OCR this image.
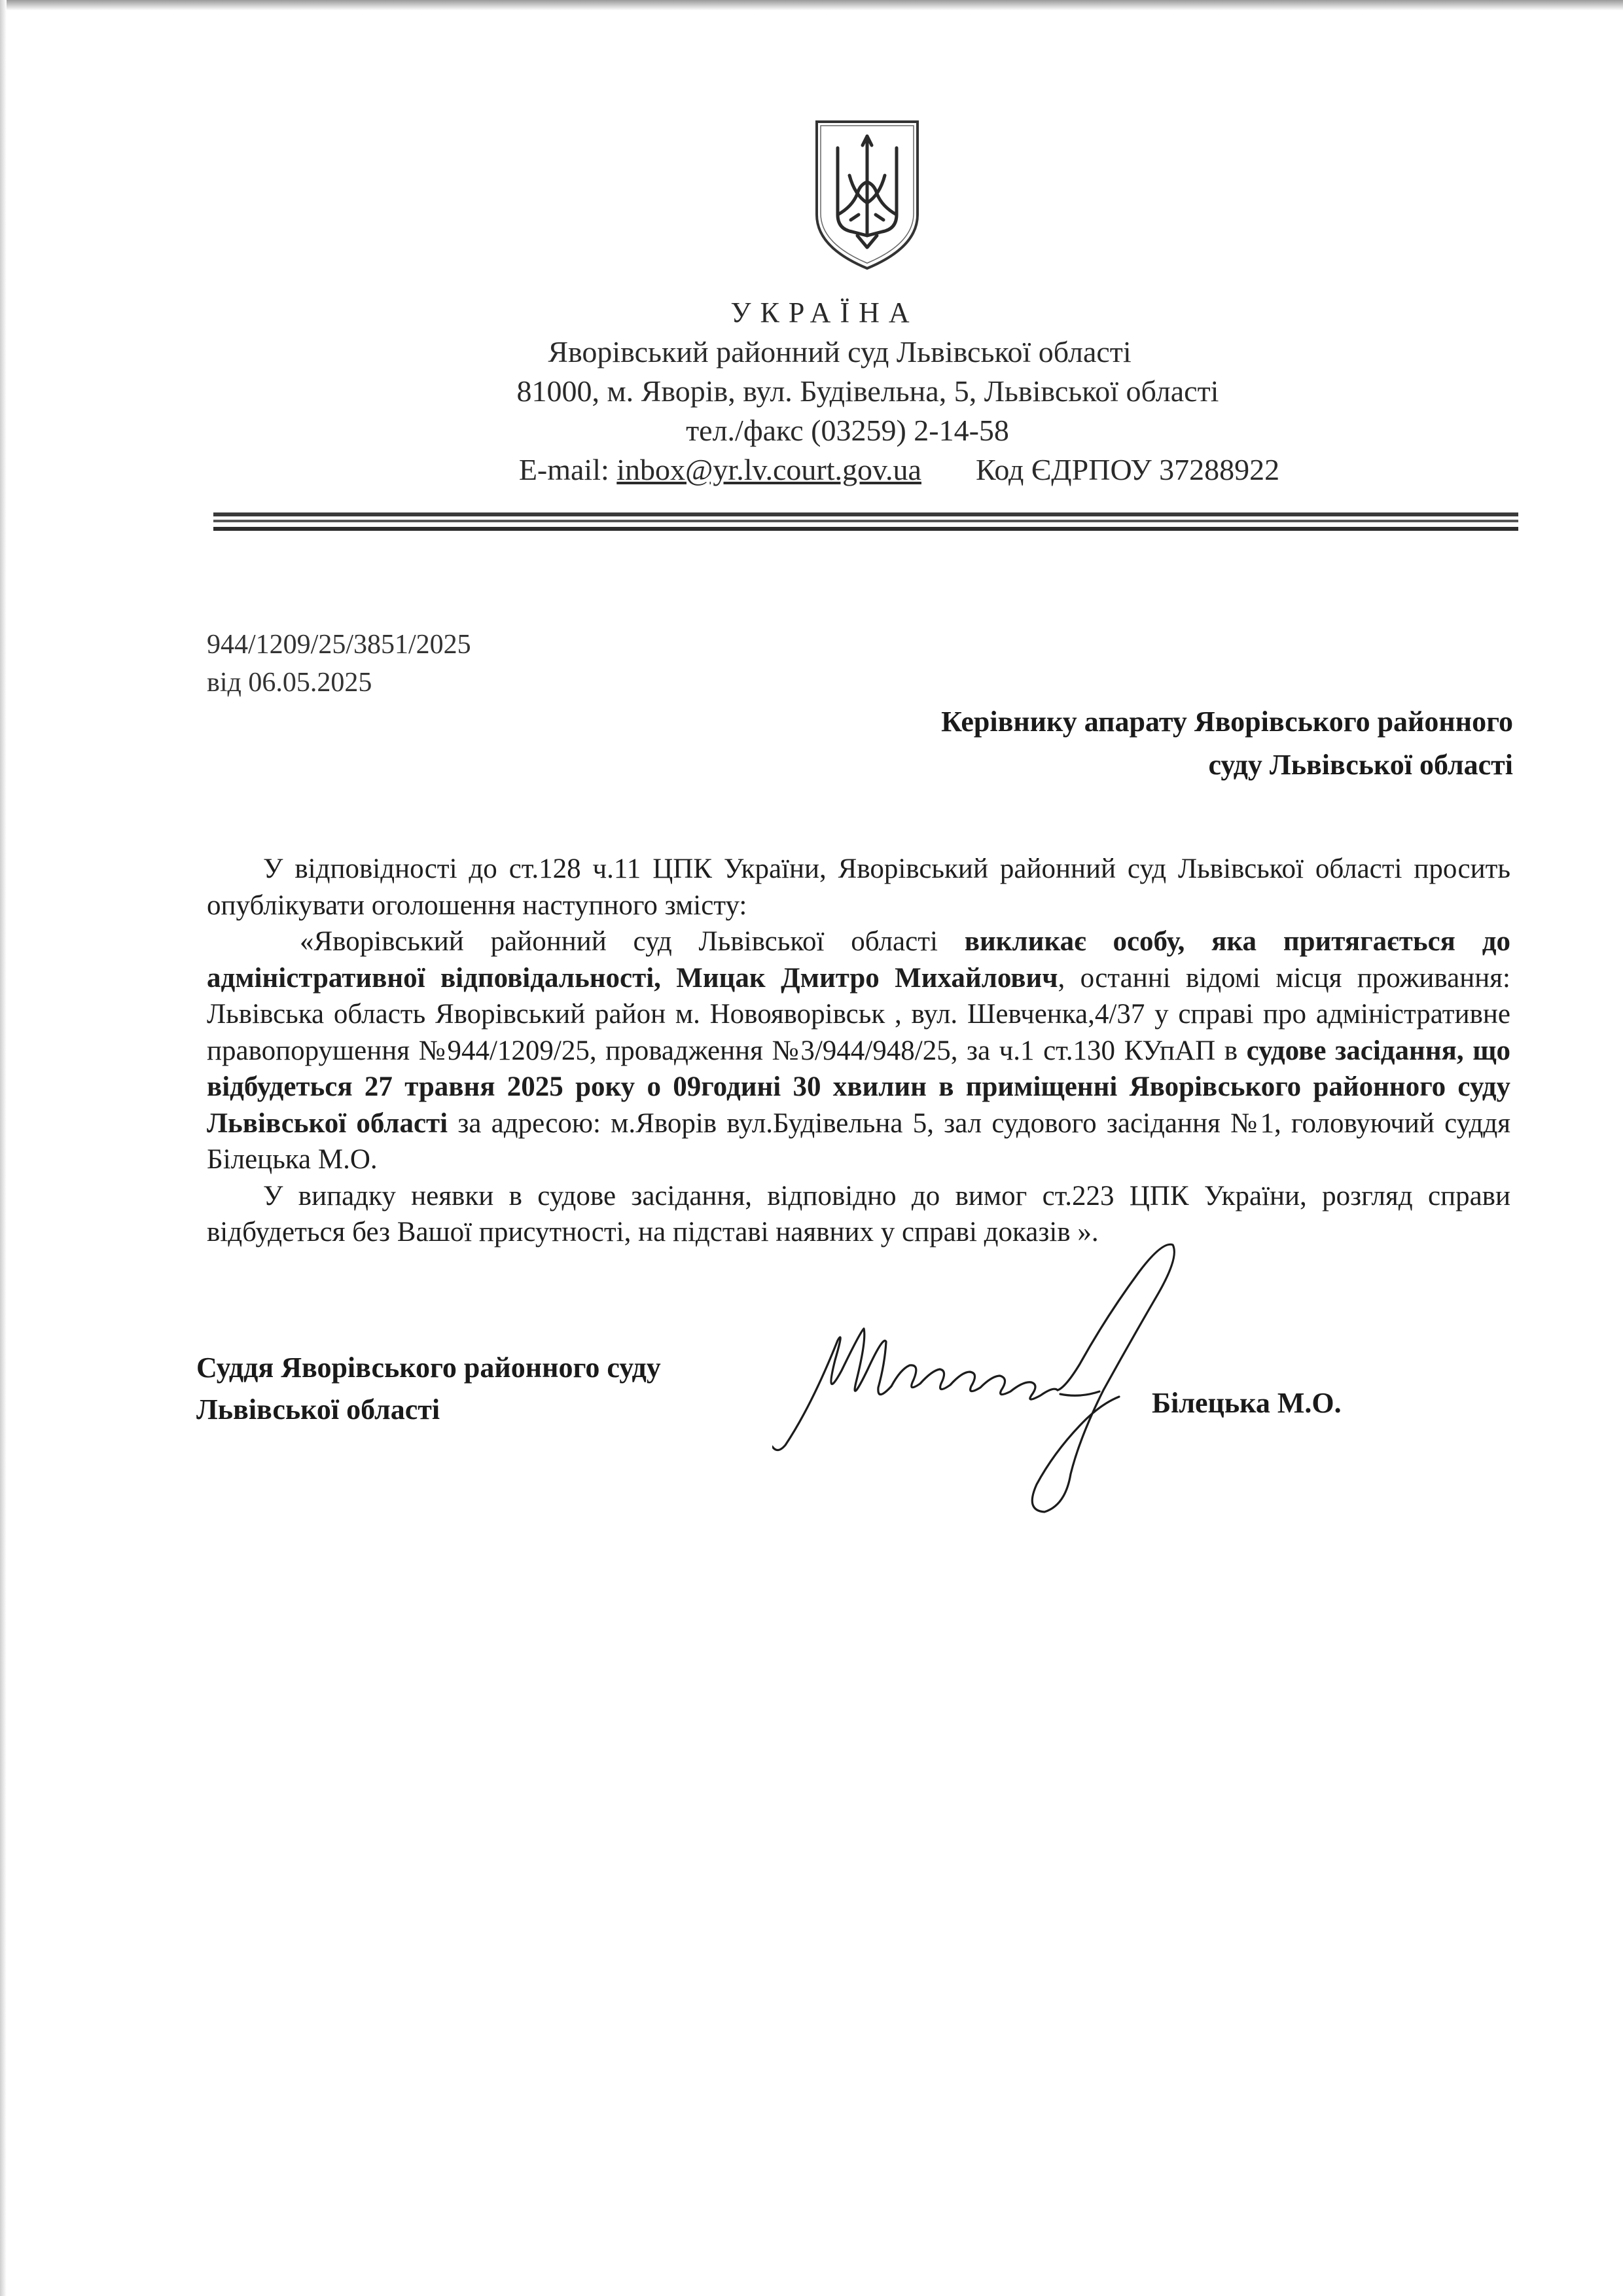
УКРАЇНА
Яворівський районний суд Львівської області
81000, м. Яворів, вул. Будівельна, 5, Львівської області
тел./факс (03259) 2-14-58
E-mail: inbox@yr.lv.court.gov.ua Код ЄДРПОУ 37288922
944/1209/25/3851/2025
від 06.05.2025
Керівнику апарату Яворівського районного
суду Львівської області

У відповідності до ст.128 ч.11 ЦПК України, Яворівський районний суд Львівської області просить опублікувати оголошення наступного змісту:

«Яворівський районний суд Львівської області викликає особу, яка притягається до адміністративної відповідальності, Мицак Дмитро Михайлович, останні відомі місця проживання: Львівська область Яворівський район м. Новояворівськ , вул. Шевченка,4/37 у справі про адміністративне правопорушення №944/1209/25, провадження №3/944/948/25, за ч.1 ст.130 КУпАП в судове засідання, що відбудеться 27 травня 2025 року о 09годині 30 хвилин в приміщенні Яворівського районного суду Львівської області за адресою: м.Яворів вул.Будівельна 5, зал судового засідання №1, головуючий суддя Білецька М.О.

У випадку неявки в судове засідання, відповідно до вимог ст.223 ЦПК України, розгляд справи відбудеться без Вашої присутності, на підставі наявних у справі доказів ».

Суддя Яворівського районного суду
Львівської області	Білецька М.О.
